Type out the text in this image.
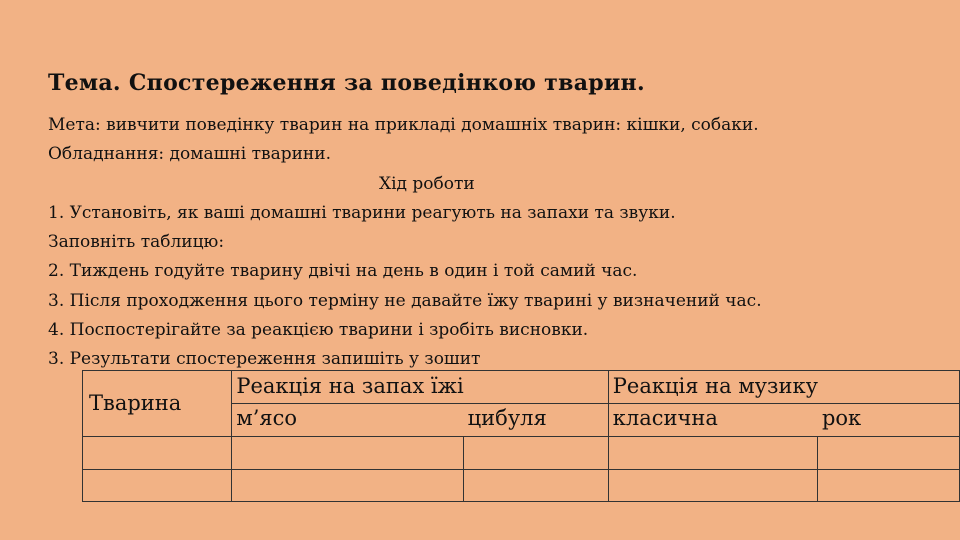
Тема. Спостереження за поведінкою тварин.
Мета: вивчити поведінку тварин на прикладі домашніх тварин: кішки, собаки.
Обладнання: домашні тварини.
Хід роботи
1. Установіть, як ваші домашні тварини реагують на запахи та звуки.
Заповніть таблицю:
2. Тиждень годуйте тварину двічі на день в один і той самий час.
3. Після проходження цього терміну не давайте їжу тварині у визначений час.
4. Поспостерігайте за реакцією тварини і зробіть висновки.
3. Результати спостереження запишіть у зошит
Тварина	Реакція на запах їжі		Реакція на музику	
	м’ясо	цибуля	класична	рок
